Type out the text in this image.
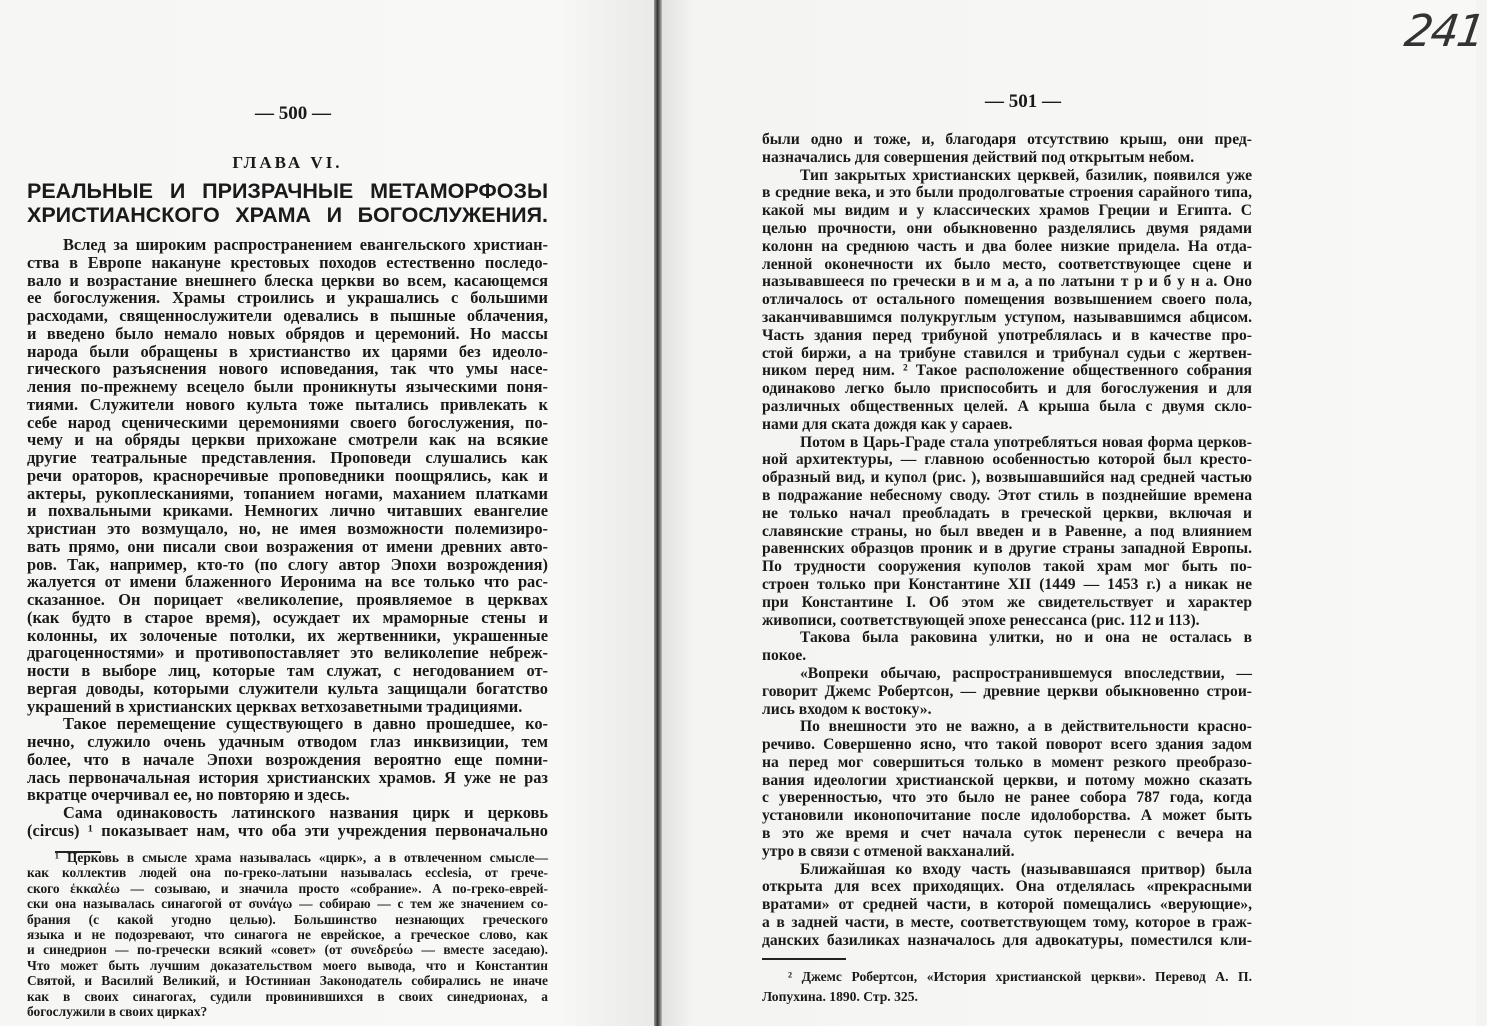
— 500 —
ГЛАВА VI.
РЕАЛЬНЫЕ И ПРИЗРАЧНЫЕ МЕТАМОРФОЗЫ
ХРИСТИАНСКОГО ХРАМА И БОГОСЛУЖЕНИЯ.
Вслед за широким распространением евангельского христиан-
ства в Европе накануне крестовых походов естественно последо-
вало и возрастание внешнего блеска церкви во всем, касающемся
ее богослужения. Храмы строились и украшались с большими
расходами, священнослужители одевались в пышные облачения,
и введено было немало новых обрядов и церемоний. Но массы
народа были обращены в христианство их царями без идеоло-
гического разъяснения нового исповедания, так что умы насе-
ления по-прежнему всецело были проникнуты языческими поня-
тиями. Служители нового культа тоже пытались привлекать к
себе народ сценическими церемониями своего богослужения, по-
чему и на обряды церкви прихожане смотрели как на всякие
другие театральные представления. Проповеди слушались как
речи ораторов, красноречивые проповедники поощрялись, как и
актеры, рукоплесканиями, топанием ногами, маханием платками
и похвальными криками. Немногих лично читавших евангелие
христиан это возмущало, но, не имея возможности полемизиро-
вать прямо, они писали свои возражения от имени древних авто-
ров. Так, например, кто-то (по слогу автор Эпохи возрождения)
жалуется от имени блаженного Иеронима на все только что рас-
сказанное. Он порицает «великолепие, проявляемое в церквах
(как будто в старое время), осуждает их мраморные стены и
колонны, их золоченые потолки, их жертвенники, украшенные
драгоценностями» и противопоставляет это великолепие небреж-
ности в выборе лиц, которые там служат, с негодованием от-
вергая доводы, которыми служители культа защищали богатство
украшений в христианских церквах ветхозаветными традициями.
Такое перемещение существующего в давно прошедшее, ко-
нечно, служило очень удачным отводом глаз инквизиции, тем
более, что в начале Эпохи возрождения вероятно еще помни-
лась первоначальная история христианских храмов. Я уже не раз
вкратце очерчивал ее, но повторяю и здесь.
Сама одинаковость латинского названия цирк и церковь
(circus) ¹ показывает нам, что оба эти учреждения первоначально
¹ Церковь в смысле храма называлась «цирк», а в отвлеченном смысле—
как коллектив людей она по-греко-латыни называлась ecclesia, от грече-
ского ἐκκαλέω — созываю, и значила просто «собрание». А по-греко-еврей-
ски она называлась синагогой от συνάγω — собираю — с тем же значением со-
брания (с какой угодно целью). Большинство незнающих греческого
языка и не подозревают, что синагога не еврейское, а греческое слово, как
и синедрион — по-гречески всякий «совет» (от συνεδρεύω — вместе заседаю).
Что может быть лучшим доказательством моего вывода, что и Константин
Святой, и Василий Великий, и Юстиниан Законодатель собирались не иначе
как в своих синагогах, судили провинившихся в своих синедрионах, а
богослужили в своих цирках?
— 501 —
241
были одно и тоже, и, благодаря отсутствию крыш, они пред-
назначались для совершения действий под открытым небом.
Тип закрытых христианских церквей, базилик, появился уже
в средние века, и это были продолговатые строения сарайного типа,
какой мы видим и у классических храмов Греции и Египта. С
целью прочности, они обыкновенно разделялись двумя рядами
колонн на среднюю часть и два более низкие придела. На отда-
ленной оконечности их было место, соответствующее сцене и
называвшееся по гречески в и м а, а по латыни т р и б у н а. Оно
отличалось от остального помещения возвышением своего пола,
заканчивавшимся полукруглым уступом, называвшимся абцисом.
Часть здания перед трибуной употреблялась и в качестве про-
стой биржи, а на трибуне ставился и трибунал судьи с жертвен-
ником перед ним. ² Такое расположение общественного собрания
одинаково легко было приспособить и для богослужения и для
различных общественных целей. А крыша была с двумя скло-
нами для ската дождя как у сараев.
Потом в Царь-Граде стала употребляться новая форма церков-
ной архитектуры, — главною особенностью которой был кресто-
образный вид, и купол (рис. ), возвышавшийся над средней частью
в подражание небесному своду. Этот стиль в позднейшие времена
не только начал преобладать в греческой церкви, включая и
славянские страны, но был введен и в Равенне, а под влиянием
равеннских образцов проник и в другие страны западной Европы.
По трудности сооружения куполов такой храм мог быть по-
строен только при Константине XII (1449 — 1453 г.) а никак не
при Константине I. Об этом же свидетельствует и характер
живописи, соответствующей эпохе ренессанса (рис. 112 и 113).
Такова была раковина улитки, но и она не осталась в
покое.
«Вопреки обычаю, распространившемуся впоследствии, —
говорит Джемс Робертсон, — древние церкви обыкновенно строи-
лись входом к востоку».
По внешности это не важно, а в действительности красно-
речиво. Совершенно ясно, что такой поворот всего здания задом
на перед мог совершиться только в момент резкого преобразо-
вания идеологии христианской церкви, и потому можно сказать
с уверенностью, что это было не ранее собора 787 года, когда
установили иконопочитание после идолоборства. А может быть
в это же время и счет начала суток перенесли с вечера на
утро в связи с отменой вакханалий.
Ближайшая ко входу часть (называвшаяся притвор) была
открыта для всех приходящих. Она отделялась «прекрасными
вратами» от средней части, в которой помещались «верующие»,
а в задней части, в месте, соответствующем тому, которое в граж-
данских базиликах назначалось для адвокатуры, поместился кли-
² Джемс Робертсон, «История христианской церкви». Перевод А. П.
Лопухина. 1890. Стр. 325.
